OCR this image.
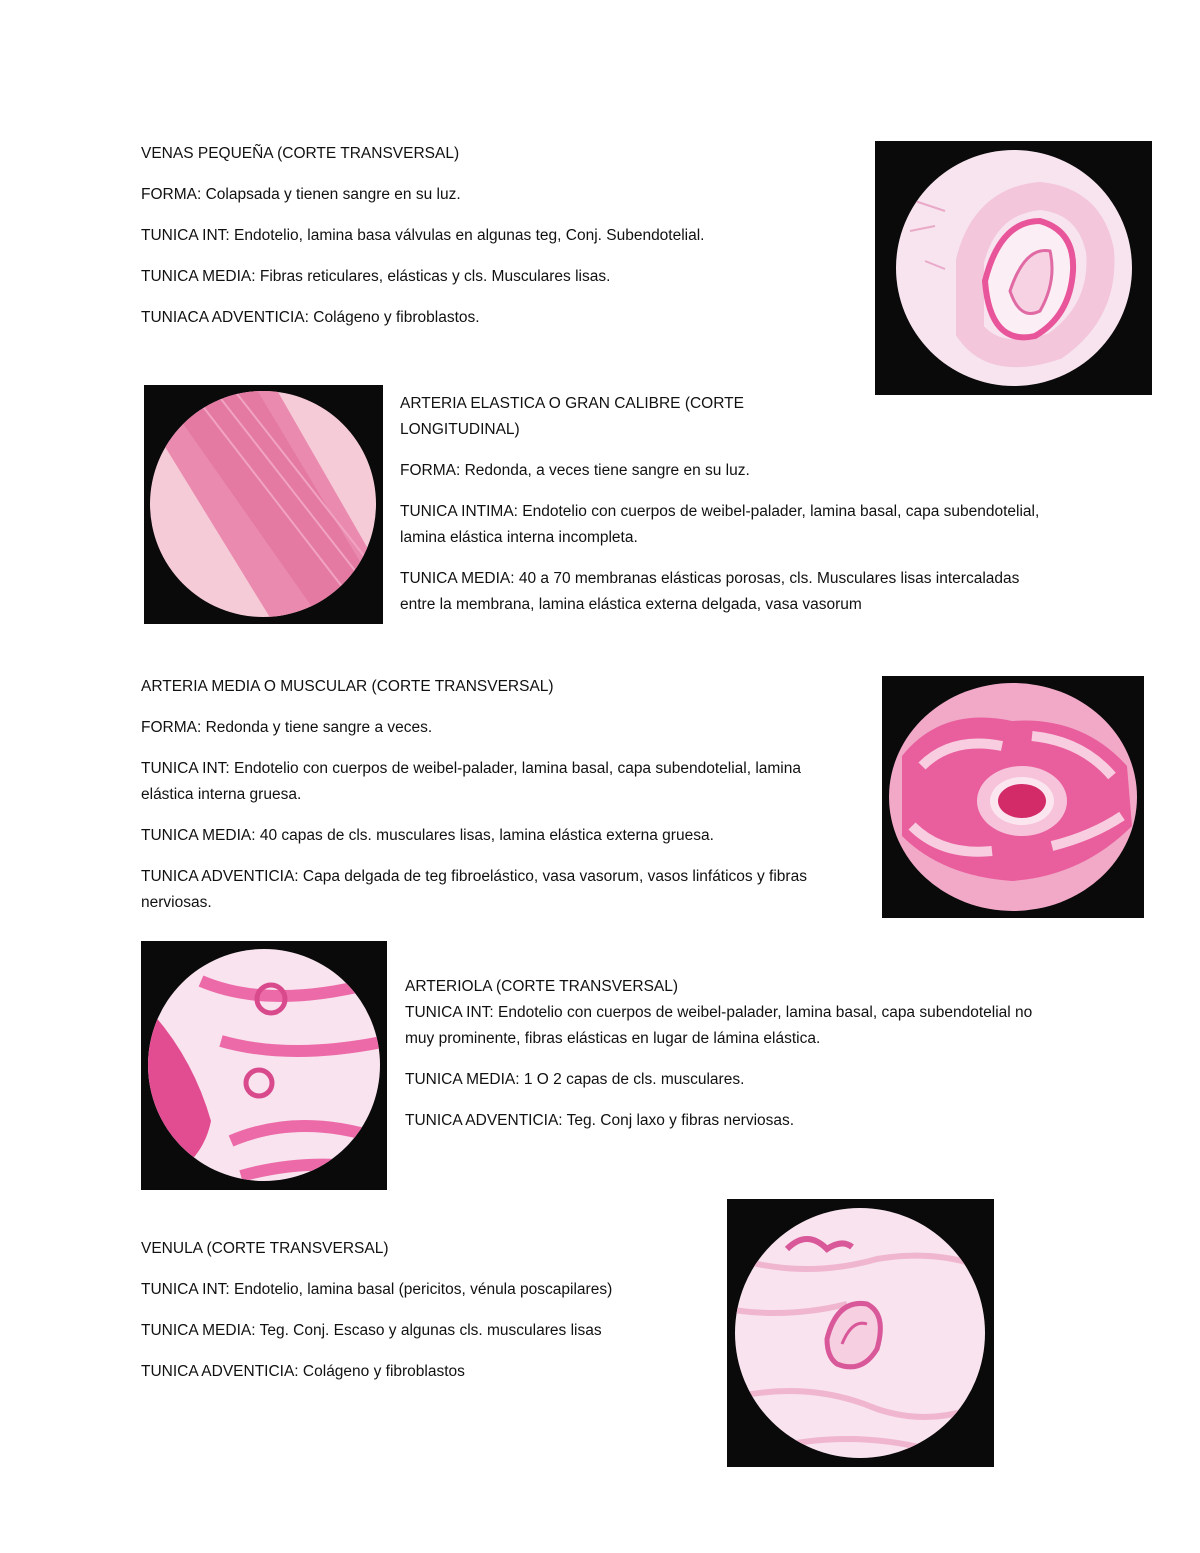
VENAS PEQUEÑA (CORTE TRANSVERSAL)

FORMA: Colapsada y tienen sangre en su luz.

TUNICA INT: Endotelio, lamina basa válvulas en algunas teg, Conj. Subendotelial.

TUNICA MEDIA: Fibras reticulares, elásticas y cls. Musculares lisas.

TUNIACA ADVENTICIA: Colágeno y fibroblastos.

ARTERIA ELASTICA O GRAN CALIBRE (CORTE LONGITUDINAL)

FORMA: Redonda, a veces tiene sangre en su luz.

TUNICA INTIMA: Endotelio con cuerpos de weibel-palader, lamina basal, capa subendotelial, lamina elástica interna incompleta.

TUNICA MEDIA: 40 a 70 membranas elásticas porosas, cls. Musculares lisas intercaladas entre la membrana, lamina elástica externa delgada, vasa vasorum

ARTERIA MEDIA O MUSCULAR (CORTE TRANSVERSAL)

FORMA: Redonda y tiene sangre a veces.

TUNICA INT: Endotelio con cuerpos de weibel-palader, lamina basal, capa subendotelial, lamina elástica interna gruesa.

TUNICA MEDIA: 40 capas de cls. musculares lisas, lamina elástica externa gruesa.

TUNICA ADVENTICIA: Capa delgada de teg fibroelástico, vasa vasorum, vasos linfáticos y fibras nerviosas.

ARTERIOLA (CORTE TRANSVERSAL)

TUNICA INT: Endotelio con cuerpos de weibel-palader, lamina basal, capa subendotelial no muy prominente, fibras elásticas en lugar de lámina elástica.

TUNICA MEDIA: 1 O 2 capas de cls. musculares.

TUNICA ADVENTICIA: Teg. Conj laxo y fibras nerviosas.

VENULA (CORTE TRANSVERSAL)

TUNICA INT: Endotelio, lamina basal (pericitos, vénula poscapilares)

TUNICA MEDIA: Teg. Conj. Escaso y algunas cls. musculares lisas

TUNICA ADVENTICIA: Colágeno y fibroblastos
